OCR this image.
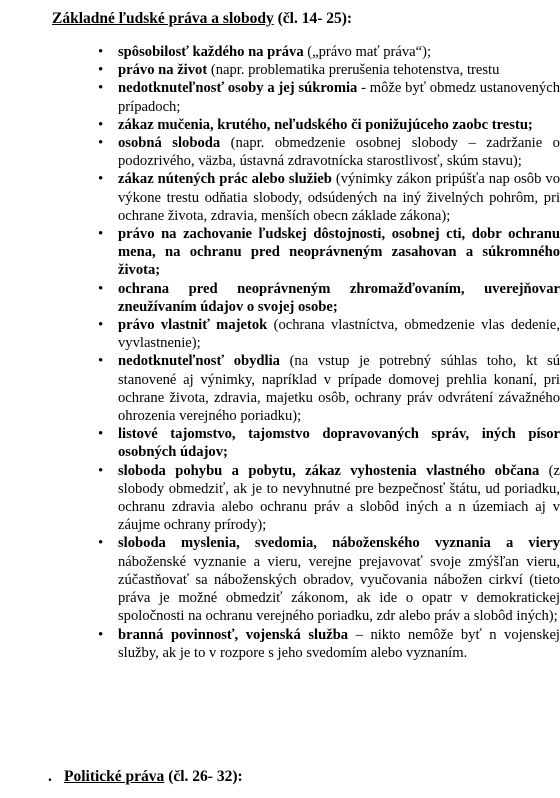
Základné ľudské práva a slobody (čl. 14- 25):
• spôsobilosť každého na práva („právo mať práva“);
• právo na život (napr. problematika prerušenia tehotenstva, trestu
• nedotknuteľnosť osoby a jej súkromia - môže byť obmedz ustanovených prípadoch;
• zákaz mučenia, krutého, neľudského či ponižujúceho zaobc trestu;
• osobná sloboda (napr. obmedzenie osobnej slobody – zadržanie o podozrivého, väzba, ústavná zdravotnícka starostlivosť, skúm stavu);
• zákaz nútených prác alebo služieb (výnimky zákon pripúšťa nap osôb vo výkone trestu odňatia slobody, odsúdených na iný živelných pohrôm, pri ochrane života, zdravia, menších obecn základe zákona);
• právo na zachovanie ľudskej dôstojnosti, osobnej cti, dobr ochranu mena, na ochranu pred neoprávneným zasahovan a súkromného života;
• ochrana pred neoprávneným zhromažďovaním, uverejňovar zneužívaním údajov o svojej osobe;
• právo vlastniť majetok (ochrana vlastníctva, obmedzenie vlas dedenie, vyvlastnenie);
• nedotknuteľnosť obydlia (na vstup je potrebný súhlas toho, kt sú stanovené aj výnimky, napríklad v prípade domovej prehlia konaní, pri ochrane života, zdravia, majetku osôb, ochrany práv odvrátení závažného ohrozenia verejného poriadku);
• listové tajomstvo, tajomstvo dopravovaných správ, iných písor osobných údajov;
• sloboda pohybu a pobytu, zákaz vyhostenia vlastného občana (z slobody obmedziť, ak je to nevyhnutné pre bezpečnosť štátu, ud poriadku, ochranu zdravia alebo ochranu práv a slobôd iných a n územiach aj v záujme ochrany prírody);
• sloboda myslenia, svedomia, náboženského vyznania a viery náboženské vyznanie a vieru, verejne prejavovať svoje zmýšľan vieru, zúčastňovať sa náboženských obradov, vyučovania nábožen cirkví (tieto práva je možné obmedziť zákonom, ak ide o opatr v demokratickej spoločnosti na ochranu verejného poriadku, zdr alebo práv a slobôd iných);
• branná povinnosť, vojenská služba – nikto nemôže byť n vojenskej služby, ak je to v rozpore s jeho svedomím alebo vyznaním.
. Politické práva (čl. 26- 32):
